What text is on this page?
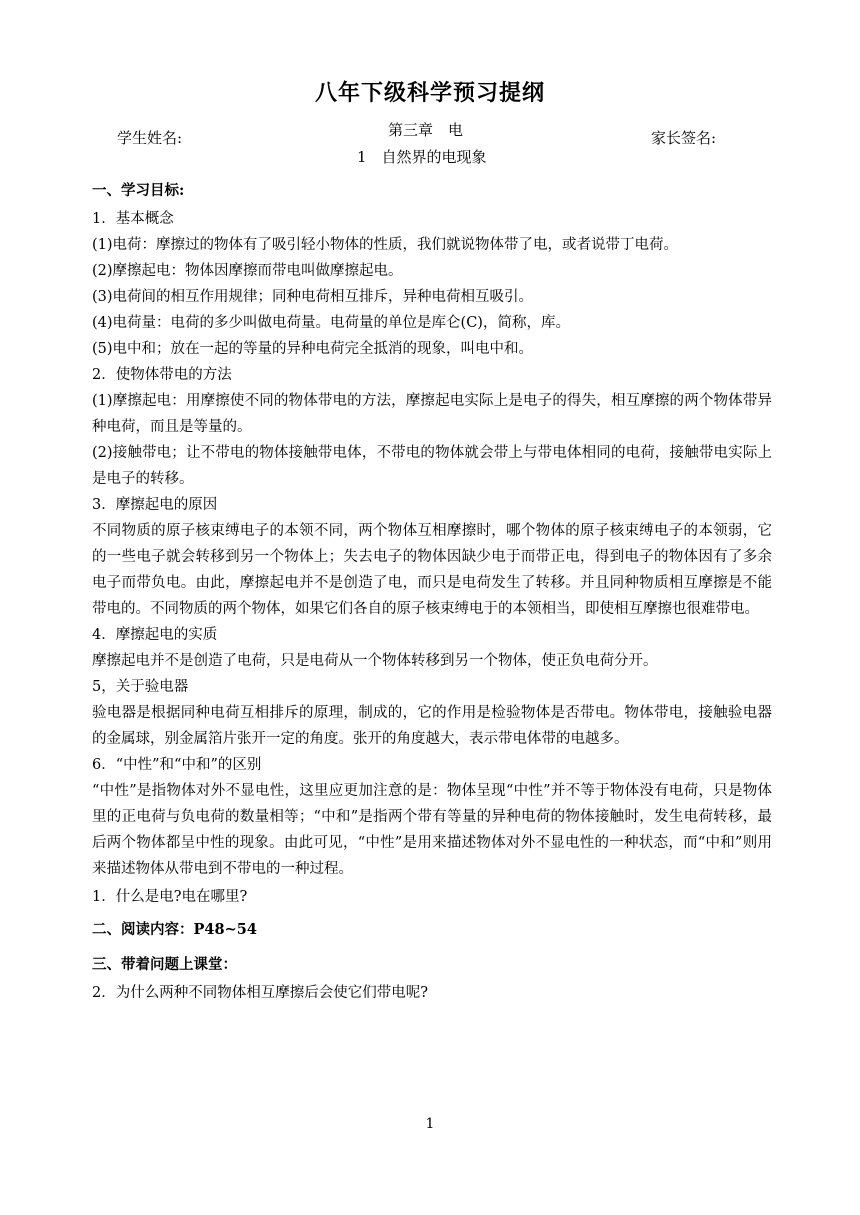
八年下级科学预习提纲
学生姓名:	第三章　电
1　自然界的电现象
家长签名:

一、学习目标:

1．基本概念

(1)电荷：摩擦过的物体有了吸引轻小物体的性质，我们就说物体带了电，或者说带丁电荷。

(2)摩擦起电：物体因摩擦而带电叫做摩擦起电。

(3)电荷间的相互作用规律；同种电荷相互排斥，异种电荷相互吸引。

(4)电荷量：电荷的多少叫做电荷量。电荷量的单位是库仑(C)，简称，库。

(5)电中和；放在一起的等量的异种电荷完全抵消的现象，叫电中和。

2．使物体带电的方法

(1)摩擦起电：用摩擦使不同的物体带电的方法，摩擦起电实际上是电子的得失，相互摩擦的两个物体带异种电荷，而且是等量的。

(2)接触带电；让不带电的物体接触带电体，不带电的物体就会带上与带电体相同的电荷，接触带电实际上是电子的转移。

3．摩擦起电的原因

不同物质的原子核束缚电子的本领不同，两个物体互相摩擦时，哪个物体的原子核束缚电子的本领弱，它的一些电子就会转移到另一个物体上；失去电子的物体因缺少电于而带正电，得到电子的物体因有了多余电子而带负电。由此，摩擦起电并不是创造了电，而只是电荷发生了转移。并且同种物质相互摩擦是不能带电的。不同物质的两个物体，如果它们各自的原子核束缚电于的本领相当，即使相互摩擦也很难带电。

4．摩擦起电的实质

摩擦起电并不是创造了电荷，只是电荷从一个物体转移到另一个物体，使正负电荷分开。

5，关于验电器

验电器是根据同种电荷互相排斥的原理，制成的，它的作用是检验物体是否带电。物体带电，接触验电器的金属球，别金属箔片张开一定的角度。张开的角度越大，表示带电体带的电越多。

6．“中性”和“中和”的区别

“中性”是指物体对外不显电性，这里应更加注意的是：物体呈现“中性”并不等于物体没有电荷，只是物体里的正电荷与负电荷的数量相等；“中和”是指两个带有等量的异种电荷的物体接触时，发生电荷转移，最后两个物体都呈中性的现象。由此可见，“中性”是用来描述物体对外不显电性的一种状态，而“中和”则用来描述物体从带电到不带电的一种过程。

1．什么是电?电在哪里?

二、阅读内容：P48~54

三、带着问题上课堂：

2．为什么两种不同物体相互摩擦后会使它们带电呢?

1
